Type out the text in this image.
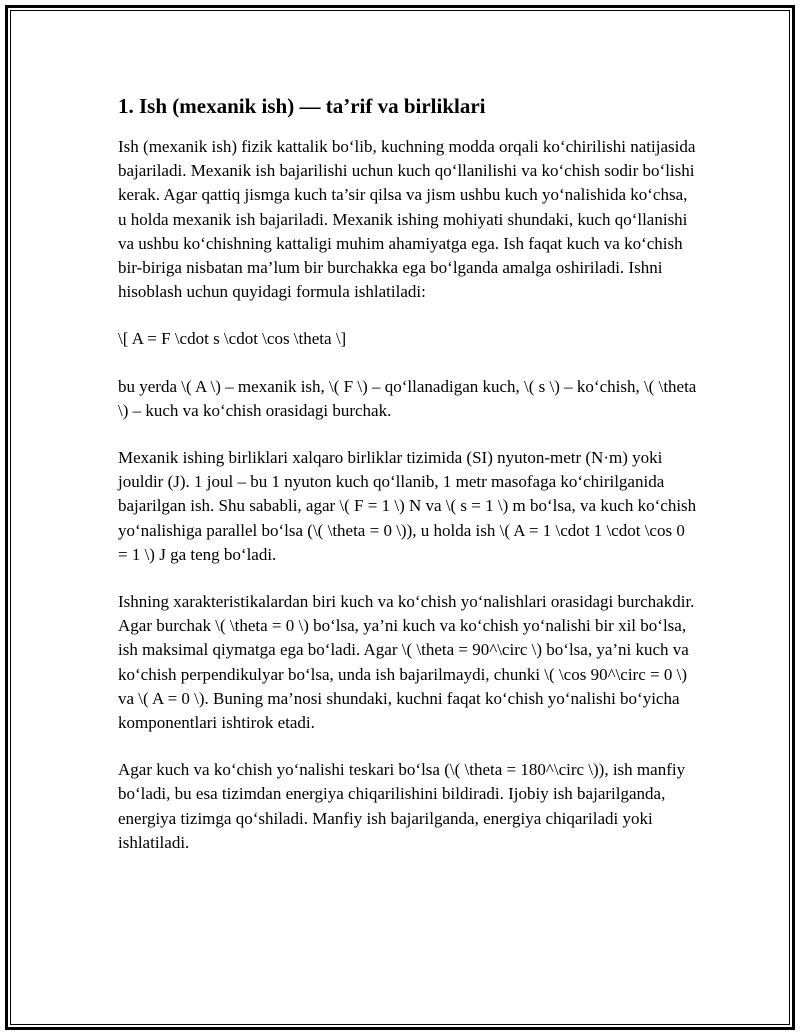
1. Ish (mexanik ish) — ta’rif va birliklari

Ish (mexanik ish) fizik kattalik bo‘lib, kuchning modda orqali ko‘chirilishi natijasida bajariladi. Mexanik ish bajarilishi uchun kuch qo‘llanilishi va ko‘chish sodir bo‘lishi kerak. Agar qattiq jismga kuch ta’sir qilsa va jism ushbu kuch yo‘nalishida ko‘chsa, u holda mexanik ish bajariladi. Mexanik ishing mohiyati shundaki, kuch qo‘llanishi va ushbu ko‘chishning kattaligi muhim ahamiyatga ega. Ish faqat kuch va ko‘chish bir-biriga nisbatan ma’lum bir burchakka ega bo‘lganda amalga oshiriladi. Ishni hisoblash uchun quyidagi formula ishlatiladi:

\[ A = F \cdot s \cdot \cos \theta \]

bu yerda \( A \) – mexanik ish, \( F \) – qo‘llanadigan kuch, \( s \) – ko‘chish, \( \theta \) – kuch va ko‘chish orasidagi burchak.

Mexanik ishing birliklari xalqaro birliklar tizimida (SI) nyuton-metr (N·m) yoki jouldir (J). 1 joul – bu 1 nyuton kuch qo‘llanib, 1 metr masofaga ko‘chirilganida bajarilgan ish. Shu sababli, agar \( F = 1 \) N va \( s = 1 \) m bo‘lsa, va kuch ko‘chish yo‘nalishiga parallel bo‘lsa (\( \theta = 0 \)), u holda ish \( A = 1 \cdot 1 \cdot \cos 0 = 1 \) J ga teng bo‘ladi.

Ishning xarakteristikalardan biri kuch va ko‘chish yo‘nalishlari orasidagi burchakdir. Agar burchak \( \theta = 0 \) bo‘lsa, ya’ni kuch va ko‘chish yo‘nalishi bir xil bo‘lsa, ish maksimal qiymatga ega bo‘ladi. Agar \( \theta = 90^\circ \) bo‘lsa, ya’ni kuch va ko‘chish perpendikulyar bo‘lsa, unda ish bajarilmaydi, chunki \( \cos 90^\circ = 0 \) va \( A = 0 \). Buning ma’nosi shundaki, kuchni faqat ko‘chish yo‘nalishi bo‘yicha komponentlari ishtirok etadi.

Agar kuch va ko‘chish yo‘nalishi teskari bo‘lsa (\( \theta = 180^\circ \)), ish manfiy bo‘ladi, bu esa tizimdan energiya chiqarilishini bildiradi. Ijobiy ish bajarilganda, energiya tizimga qo‘shiladi. Manfiy ish bajarilganda, energiya chiqariladi yoki ishlatiladi.
